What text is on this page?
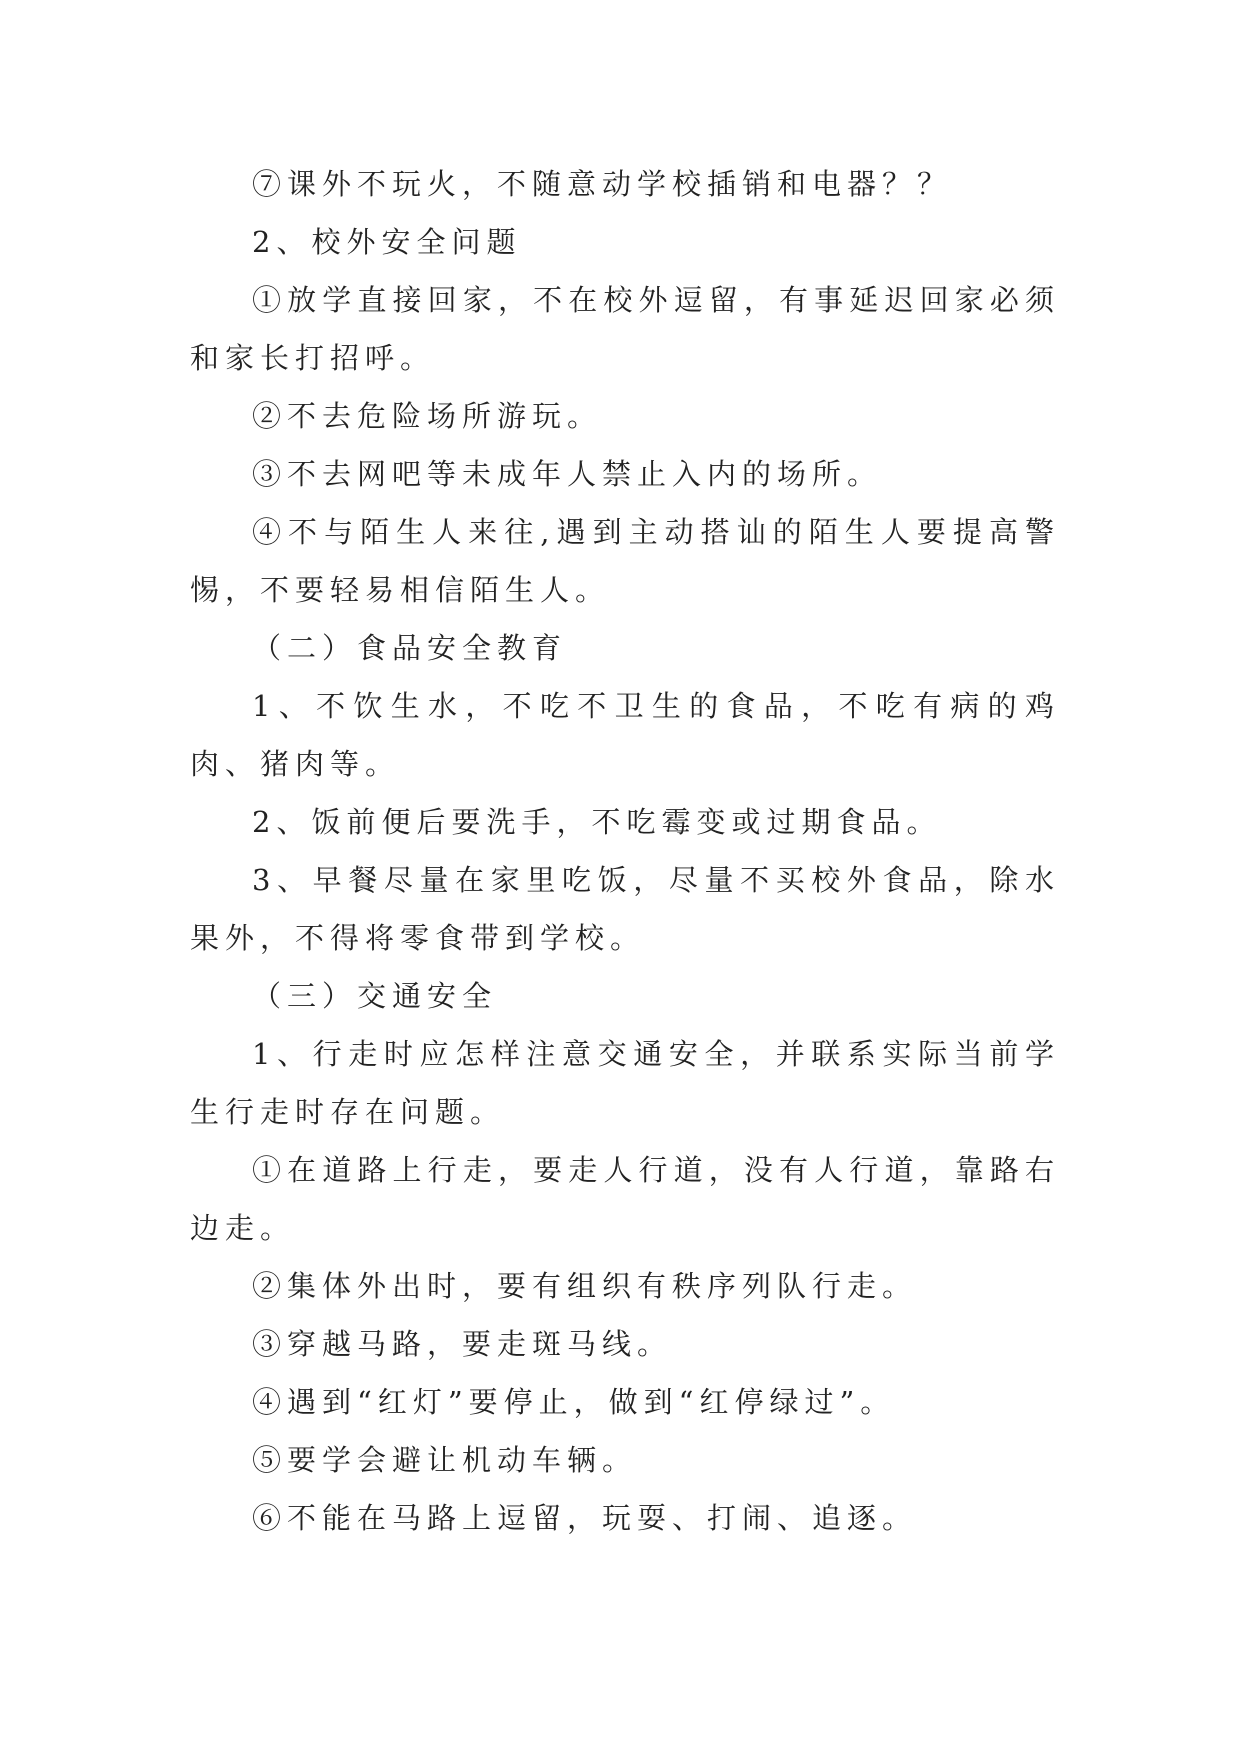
⑦课外不玩火，不随意动学校插销和电器？？

2、校外安全问题

①放学直接回家，不在校外逗留，有事延迟回家必须和家长打招呼。

②不去危险场所游玩。

③不去网吧等未成年人禁止入内的场所。

④不与陌生人来往,遇到主动搭讪的陌生人要提高警惕，不要轻易相信陌生人。

（二）食品安全教育

1、不饮生水，不吃不卫生的食品，不吃有病的鸡肉、猪肉等。

2、饭前便后要洗手，不吃霉变或过期食品。

3、早餐尽量在家里吃饭，尽量不买校外食品，除水果外，不得将零食带到学校。

（三）交通安全

1、行走时应怎样注意交通安全，并联系实际当前学生行走时存在问题。

①在道路上行走，要走人行道，没有人行道，靠路右边走。

②集体外出时，要有组织有秩序列队行走。

③穿越马路，要走斑马线。

④遇到“红灯”要停止，做到“红停绿过”。

⑤要学会避让机动车辆。

⑥不能在马路上逗留，玩耍、打闹、追逐。
